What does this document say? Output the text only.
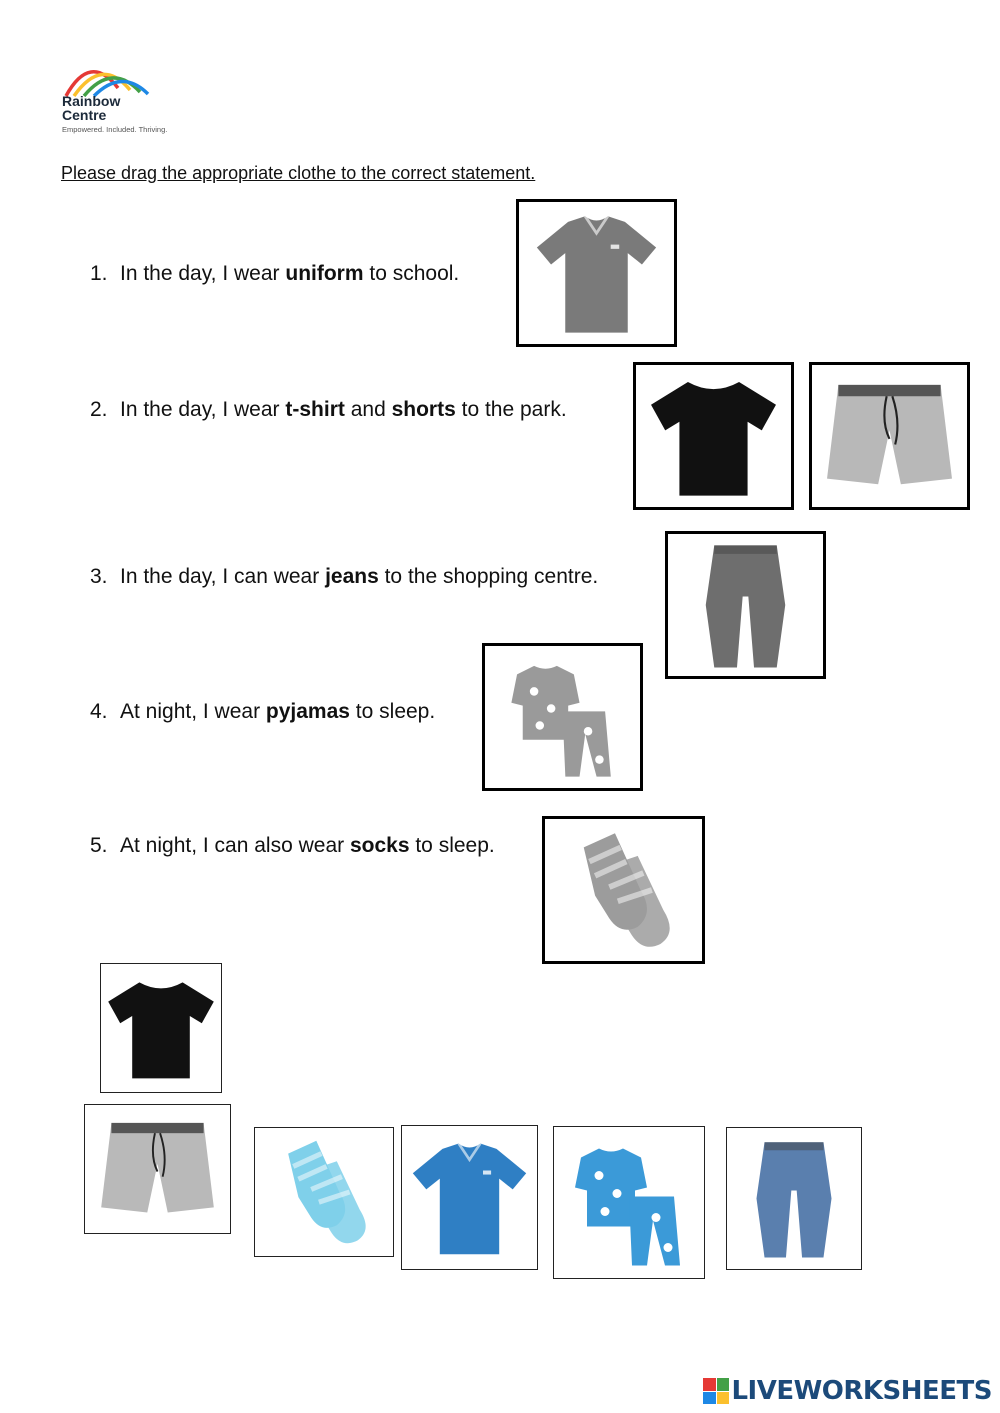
Rainbow
Centre
Empowered. Included. Thriving.
Please drag the appropriate clothe to the correct statement.
1. In the day, I wear uniform to school.
2. In the day, I wear t-shirt and shorts to the park.
3. In the day, I can wear jeans to the shopping centre.
4. At night, I wear pyjamas to sleep.
5. At night, I can also wear socks to sleep.
LIVEWORKSHEETS
